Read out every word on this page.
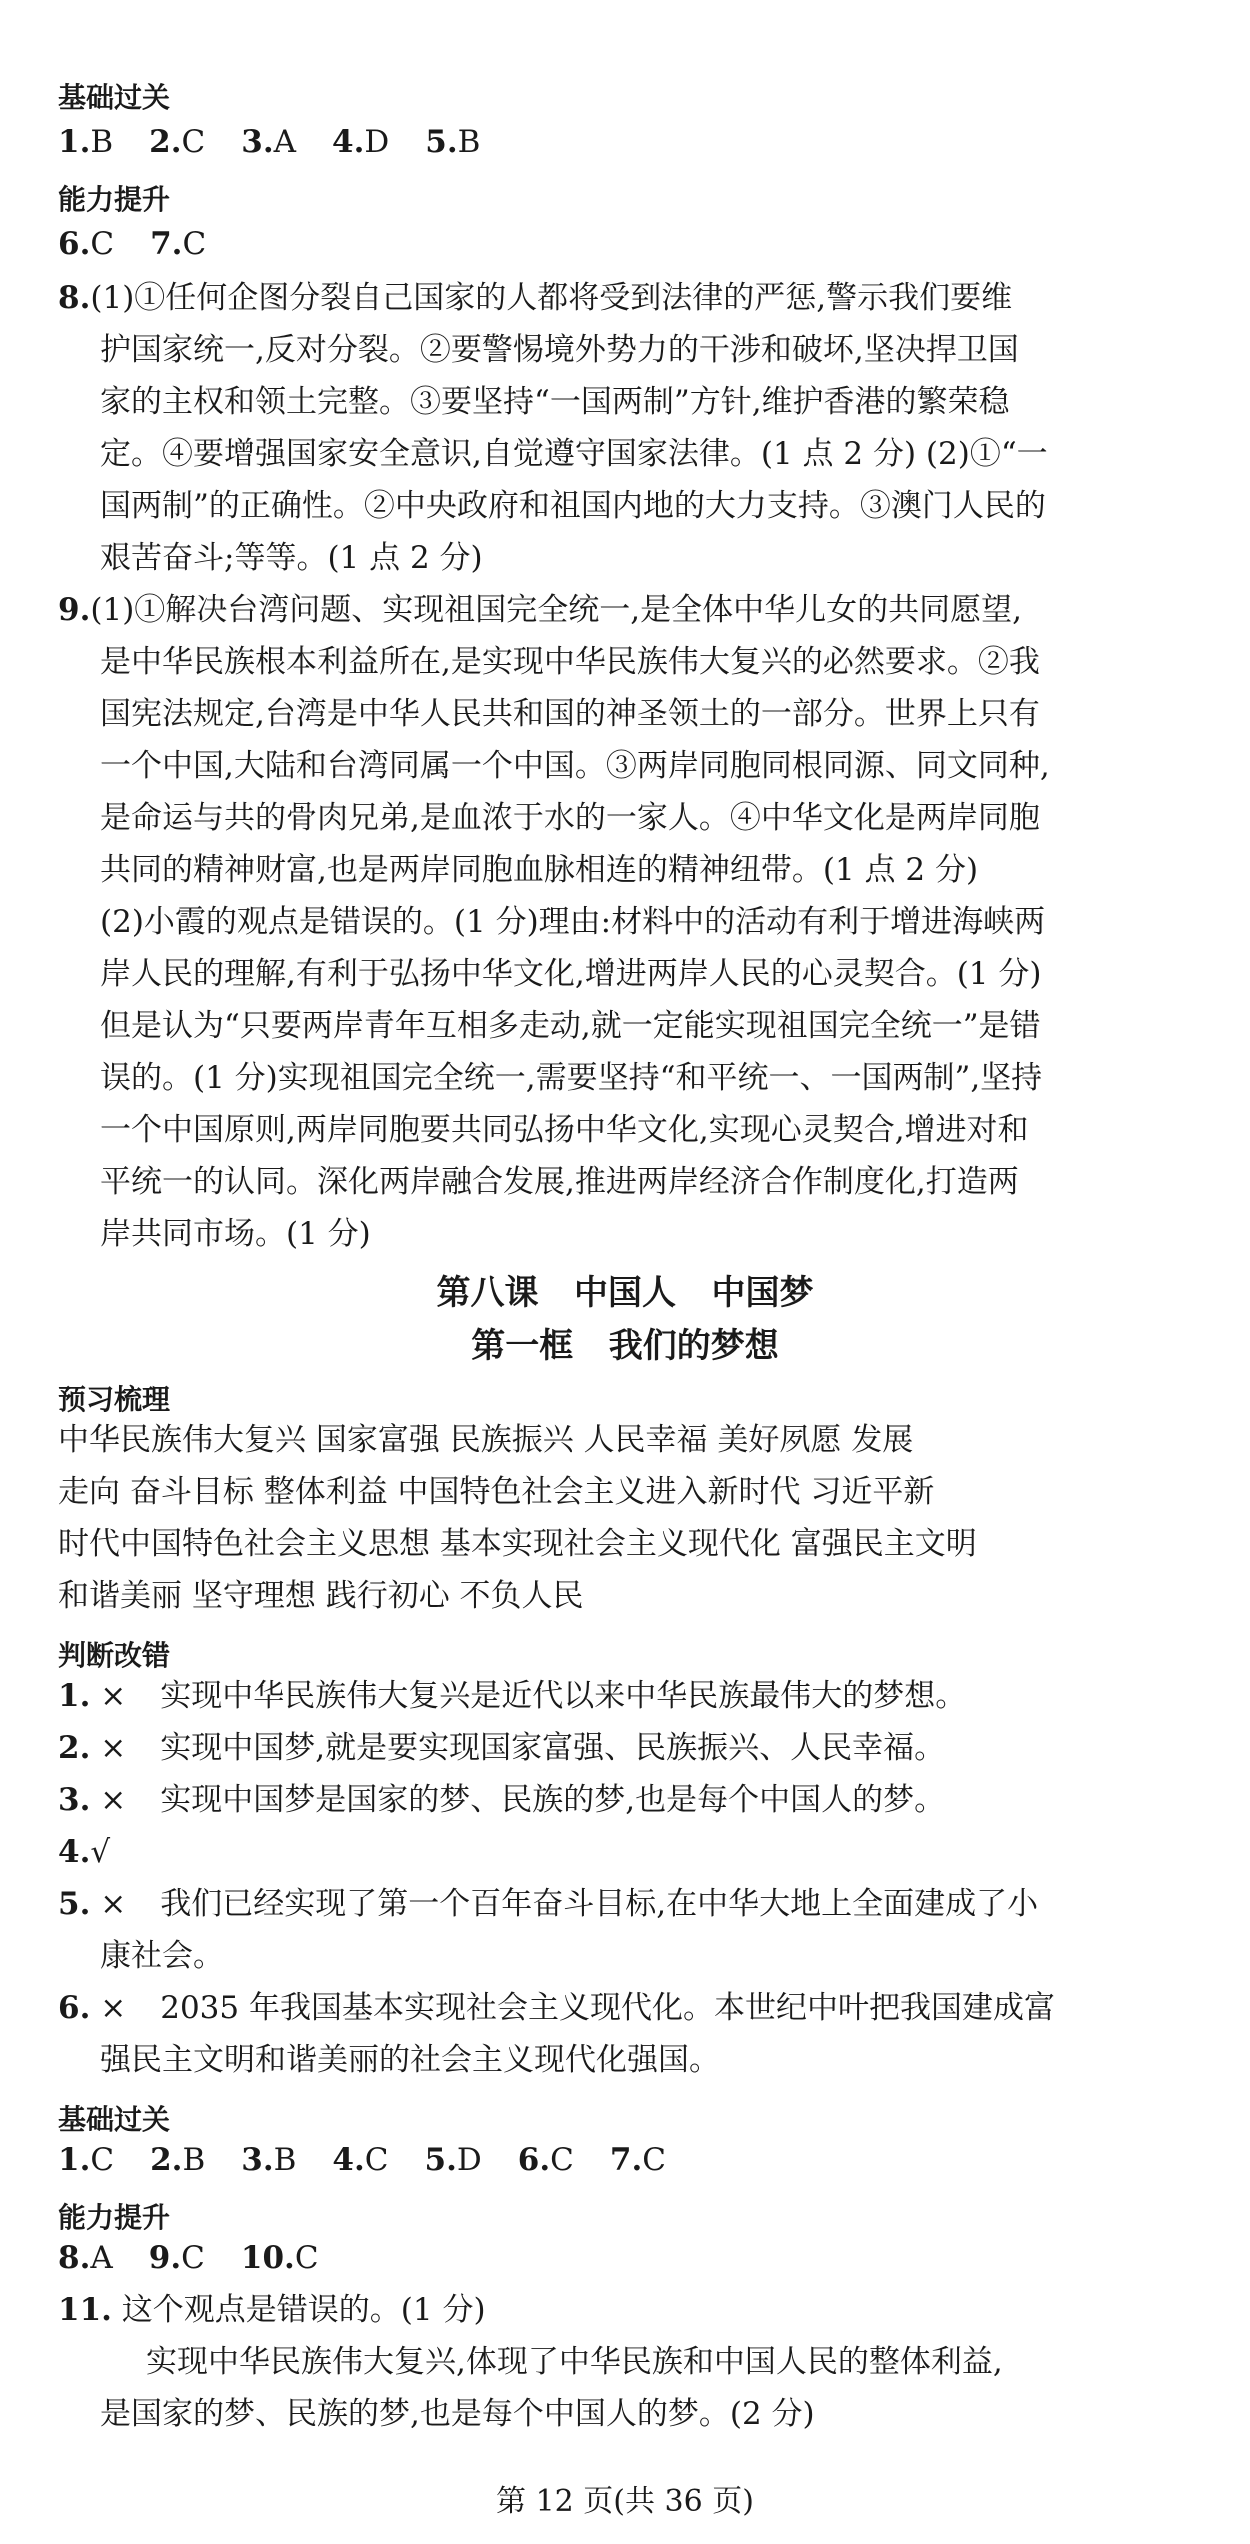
基础过关
1.B 2.C 3.A 4.D 5.B
能力提升
6.C 7.C
8.(1)①任何企图分裂自己国家的人都将受到法律的严惩,警示我们要维
护国家统一,反对分裂。②要警惕境外势力的干涉和破坏,坚决捍卫国
家的主权和领土完整。③要坚持“一国两制”方针,维护香港的繁荣稳
定。④要增强国家安全意识,自觉遵守国家法律。(1 点 2 分) (2)①“一
国两制”的正确性。②中央政府和祖国内地的大力支持。③澳门人民的
艰苦奋斗;等等。(1 点 2 分)
9.(1)①解决台湾问题、实现祖国完全统一,是全体中华儿女的共同愿望,
是中华民族根本利益所在,是实现中华民族伟大复兴的必然要求。②我
国宪法规定,台湾是中华人民共和国的神圣领土的一部分。世界上只有
一个中国,大陆和台湾同属一个中国。③两岸同胞同根同源、同文同种,
是命运与共的骨肉兄弟,是血浓于水的一家人。④中华文化是两岸同胞
共同的精神财富,也是两岸同胞血脉相连的精神纽带。(1 点 2 分)
(2)小霞的观点是错误的。(1 分)理由:材料中的活动有利于增进海峡两
岸人民的理解,有利于弘扬中华文化,增进两岸人民的心灵契合。(1 分)
但是认为“只要两岸青年互相多走动,就一定能实现祖国完全统一”是错
误的。(1 分)实现祖国完全统一,需要坚持“和平统一、一国两制”,坚持
一个中国原则,两岸同胞要共同弘扬中华文化,实现心灵契合,增进对和
平统一的认同。深化两岸融合发展,推进两岸经济合作制度化,打造两
岸共同市场。(1 分)
第八课   中国人   中国梦
第一框   我们的梦想
预习梳理
中华民族伟大复兴 国家富强 民族振兴 人民幸福 美好夙愿 发展
走向 奋斗目标 整体利益 中国特色社会主义进入新时代 习近平新
时代中国特色社会主义思想 基本实现社会主义现代化 富强民主文明
和谐美丽 坚守理想 践行初心 不负人民
判断改错
1. × 实现中华民族伟大复兴是近代以来中华民族最伟大的梦想。
2. × 实现中国梦,就是要实现国家富强、民族振兴、人民幸福。
3. × 实现中国梦是国家的梦、民族的梦,也是每个中国人的梦。
4.√
5. × 我们已经实现了第一个百年奋斗目标,在中华大地上全面建成了小
康社会。
6. × 2035 年我国基本实现社会主义现代化。本世纪中叶把我国建成富
强民主文明和谐美丽的社会主义现代化强国。
基础过关
1.C 2.B 3.B 4.C 5.D 6.C 7.C
能力提升
8.A 9.C 10.C
11. 这个观点是错误的。(1 分)
实现中华民族伟大复兴,体现了中华民族和中国人民的整体利益,
是国家的梦、民族的梦,也是每个中国人的梦。(2 分)
第 12 页(共 36 页)
